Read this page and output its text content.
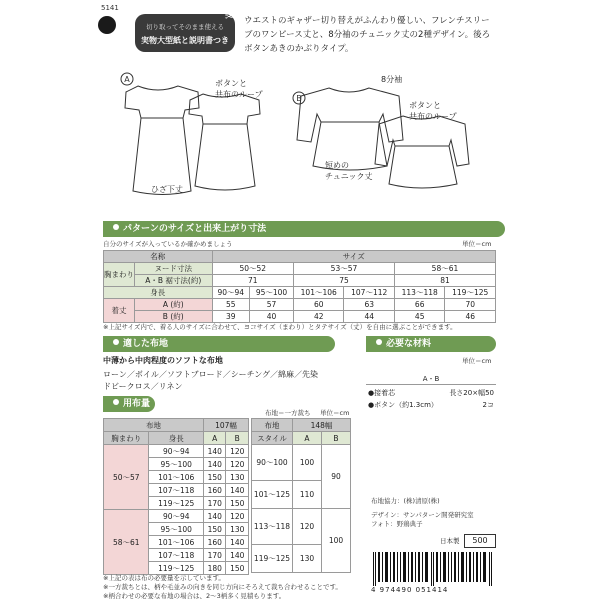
5141
切り取ってそのまま使える
実物大型紙と説明書つき
✂ ウエストのギャザー切り替えがふんわり優しい、フレンチスリーブのワンピース丈と、8分袖のチュニック丈の2種デザイン。後ろボタンあきのかぶりタイプ。
A
B
ボタンと
共布のループ
ひざ下丈
8分袖
ボタンと
共布のループ
短めの
チュニック丈
パターンのサイズと出来上がり寸法
自分のサイズが入っているか確かめましょう	単位＝cm
名称		サイズ					
胸まわり	ヌード寸法	50〜52		53〜57		58〜61	
	A・B 裾寸法(約)	71		75		81	
身長		90〜94	95〜100	101〜106	107〜112	113〜118	119〜125
着丈	A (約)	55	57	60	63	66	70
	B (約)	39	40	42	44	45	46
※上記サイズ内で、着る人のサイズに合わせて、ヨコサイズ（まわり）とタテサイズ（丈）を自由に選ぶことができます。
適した布地
中薄から中肉程度のソフトな布地
ローン／ボイル／ソフトブロード／シーチング／綿麻／先染
ドビークロス／リネン
必要な材料
単位＝cm
A・B
●接着芯	長さ20×幅50
●ボタン（約1.3cm）	2コ
用布量
布地＝一方裁ち 単位＝cm
布地		107幅	
胸まわり	身長	A	B
50〜57	90〜94	140	120
	95〜100	140	120
	101〜106	150	130
	107〜118	160	140
	119〜125	170	150
58〜61	90〜94	140	120
	95〜100	150	130
	101〜106	160	140
	107〜118	170	140
	119〜125	180	150
布地	148幅	
スタイル	A	B
90〜100	100	90
101〜125	110	
113〜118	120	100
119〜125	130	
※上記の表は布の必要量を示しています。
※一方裁ちとは、柄や毛並みの向きを同じ方向にそろえて裁ち合わせることです。
※柄合わせの必要な布地の場合は、2〜3柄多く見積もります。
布地協力：(株)清原(株)
デザイン：サンパターン開発研究室
フォト：野鶏典子
日本製	500
4 974490 051414
